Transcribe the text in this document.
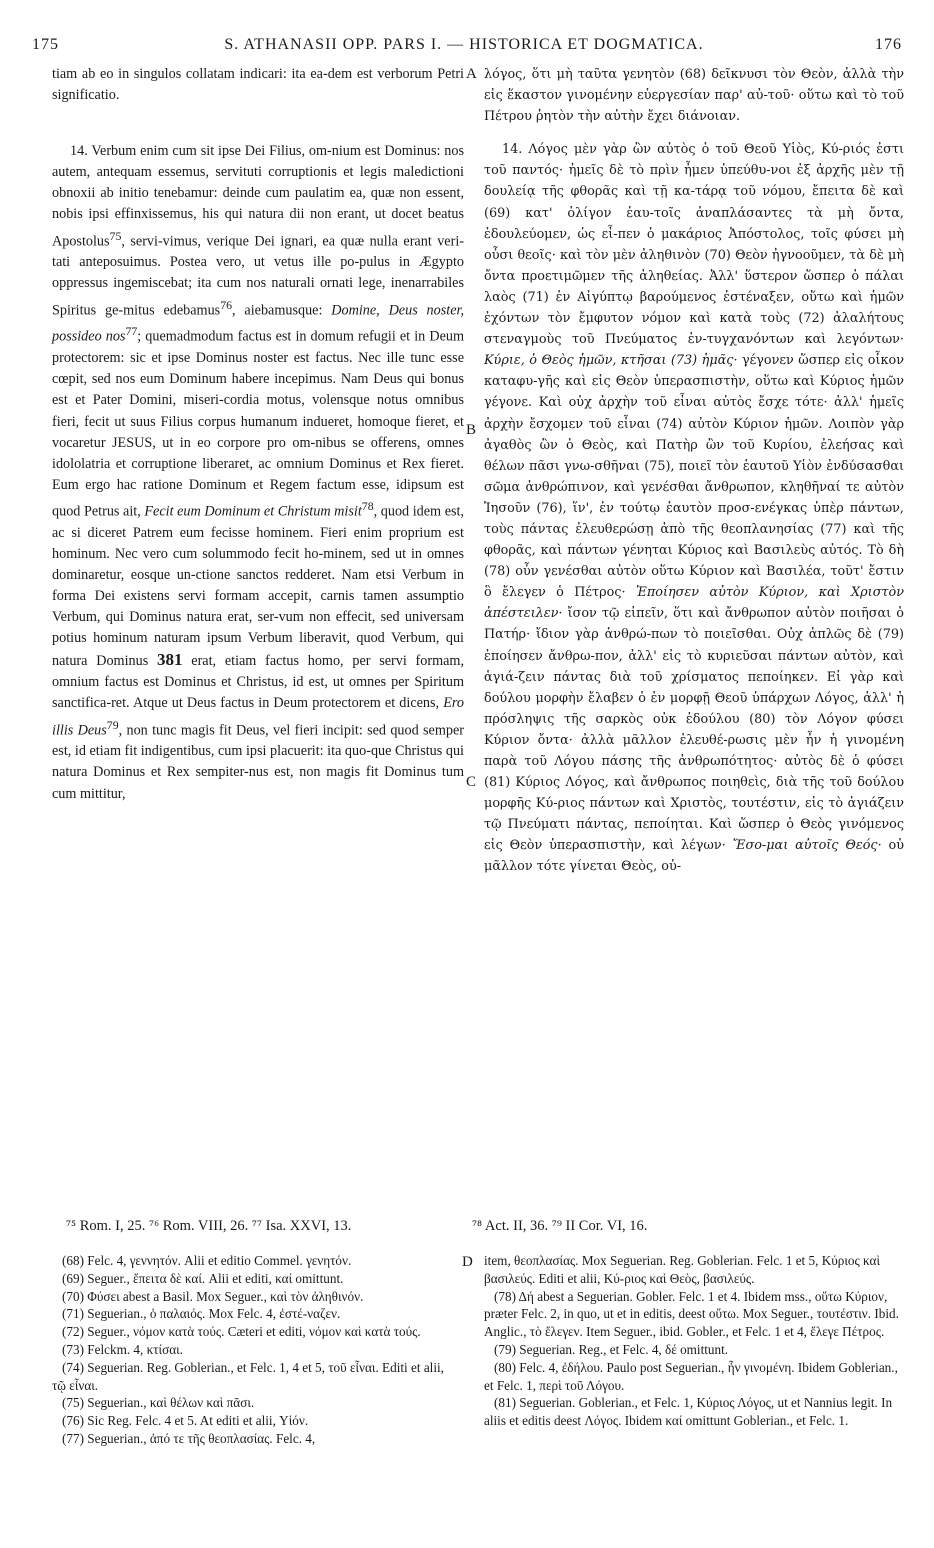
175	S. ATHANASII OPP. PARS I. — HISTORICA ET DOGMATICA.	176

tiam ab eo in singulos collatam indicari: ita ea-dem est verborum Petri significatio.

14. Verbum enim cum sit ipse Dei Filius, om-nium est Dominus: nos autem, antequam essemus, servituti corruptionis et legis maledictioni obnoxii ab initio tenebamur: deinde cum paulatim ea, quæ non essent, nobis ipsi effinxissemus, his qui natura dii non erant, ut docet beatus Apostolus$^{75}$, servi-vimus, verique Dei ignari, ea quæ nulla erant veri-tati anteposuimus. Postea vero, ut vetus ille po-pulus in Ægypto oppressus ingemiscebat; ita cum nos naturali ornati lege, inenarrabiles Spiritus ge-mitus edebamus$^{76}$, aiebamusque: Domine, Deus noster, possideo nos$^{77}$; quemadmodum factus est in domum refugii et in Deum protectorem: sic et ipse Dominus noster est factus. Nec ille tunc esse cœpit, sed nos eum Dominum habere incepimus. Nam Deus qui bonus est et Pater Domini, miseri-cordia motus, volensque notus omnibus fieri, fecit ut suus Filius corpus humanum indueret, homoque fieret, et vocaretur JESUS, ut in eo corpore pro om-nibus se offerens, omnes idololatria et corruptione liberaret, ac omnium Dominus et Rex fieret. Eum ergo hac ratione Dominum et Regem factum esse, idipsum est quod Petrus ait, Fecit eum Dominum et Christum misit$^{78}$, quod idem est, ac si diceret Patrem eum fecisse hominem. Fieri enim proprium est hominum. Nec vero cum solummodo fecit ho-minem, sed ut in omnes dominaretur, eosque un-ctione sanctos redderet. Nam etsi Verbum in forma Dei existens servi formam accepit, carnis tamen assumptio Verbum, qui Dominus natura erat, ser-vum non effecit, sed universam potius hominum naturam ipsum Verbum liberavit, quod Verbum, qui natura Dominus 381 erat, etiam factus homo, per servi formam, omnium factus est Dominus et Christus, id est, ut omnes per Spiritum sanctifica-ret. Atque ut Deus factus in Deum protectorem et dicens, Ero illis Deus$^{79}$, non tunc magis fit Deus, vel fieri incipit: sed quod semper est, id etiam fit indigentibus, cum ipsi placuerit: ita quo-que Christus qui natura Dominus et Rex sempiter-nus est, non magis fit Dominus tum cum mittitur,

A
B
C
D

λόγος, ὅτι μὴ ταῦτα γενητὸν (68) δεῖκνυσι τὸν Θεὸν, ἀλλὰ τὴν εἰς ἕκαστον γινομένην εὐεργεσίαν παρ' αὐ-τοῦ· οὕτω καὶ τὸ τοῦ Πέτρου ῥητὸν τὴν αὐτὴν ἔχει διάνοιαν.

14. Λόγος μὲν γὰρ ὢν αὐτὸς ὁ τοῦ Θεοῦ Υἱὸς, Κύ-ριός ἐστι τοῦ παντός· ἡμεῖς δὲ τὸ πρὶν ἦμεν ὑπεύθυ-νοι ἐξ ἀρχῆς μὲν τῇ δουλείᾳ τῆς φθορᾶς καὶ τῇ κα-τάρᾳ τοῦ νόμου, ἔπειτα δὲ καὶ (69) κατ' ὀλίγον ἑαυ-τοῖς ἀναπλάσαντες τὰ μὴ ὄντα, ἐδουλεύομεν, ὡς εἶ-πεν ὁ μακάριος Ἀπόστολος, τοῖς φύσει μὴ οὖσι θεοῖς· καὶ τὸν μὲν ἀληθινὸν (70) Θεὸν ἠγνοοῦμεν, τὰ δὲ μὴ ὄντα προετιμῶμεν τῆς ἀληθείας. Ἀλλ' ὕστερον ὥσπερ ὁ πάλαι λαὸς (71) ἐν Αἰγύπτῳ βαρούμενος ἐστέναξεν, οὕτω καὶ ἡμῶν ἐχόντων τὸν ἔμφυτον νόμον καὶ κατὰ τοὺς (72) ἀλαλήτους στεναγμοὺς τοῦ Πνεύματος ἐν-τυγχανόντων καὶ λεγόντων· Κύριε, ὁ Θεὸς ἡμῶν, κτῆσαι (73) ἡμᾶς· γέγονεν ὥσπερ εἰς οἶκον καταφυ-γῆς καὶ εἰς Θεὸν ὑπερασπιστὴν, οὕτω καὶ Κύριος ἡμῶν γέγονε. Καὶ οὐχ ἀρχὴν τοῦ εἶναι αὐτὸς ἔσχε τότε· ἀλλ' ἡμεῖς ἀρχὴν ἔσχομεν τοῦ εἶναι (74) αὐτὸν Κύριον ἡμῶν. Λοιπὸν γὰρ ἀγαθὸς ὢν ὁ Θεὸς, καὶ Πατὴρ ὢν τοῦ Κυρίου, ἐλεήσας καὶ θέλων πᾶσι γνω-σθῆναι (75), ποιεῖ τὸν ἑαυτοῦ Υἱὸν ἐνδύσασθαι σῶμα ἀνθρώπινον, καὶ γενέσθαι ἄνθρωπον, κληθῆναί τε αὐτὸν Ἰησοῦν (76), ἵν', ἐν τούτῳ ἑαυτὸν προσ-ενέγκας ὑπὲρ πάντων, τοὺς πάντας ἐλευθερώσῃ ἀπὸ τῆς θεοπλανησίας (77) καὶ τῆς φθορᾶς, καὶ πάντων γένηται Κύριος καὶ Βασιλεὺς αὐτός. Τὸ δὴ (78) οὖν γενέσθαι αὐτὸν οὕτω Κύριον καὶ Βασιλέα, τοῦτ' ἔστιν ὃ ἔλεγεν ὁ Πέτρος· Ἐποίησεν αὐτὸν Κύριον, καὶ Χριστὸν ἀπέστειλεν· ἴσον τῷ εἰπεῖν, ὅτι καὶ ἄνθρωπον αὐτὸν ποιῆσαι ὁ Πατήρ· ἴδιον γὰρ ἀνθρώ-πων τὸ ποιεῖσθαι. Οὐχ ἁπλῶς δὲ (79) ἐποίησεν ἄνθρω-πον, ἀλλ' εἰς τὸ κυριεῦσαι πάντων αὐτὸν, καὶ ἁγιά-ζειν πάντας διὰ τοῦ χρίσματος πεποίηκεν. Εἰ γὰρ καὶ δούλου μορφὴν ἔλαβεν ὁ ἐν μορφῇ Θεοῦ ὑπάρχων Λόγος, ἀλλ' ἡ πρόσληψις τῆς σαρκὸς οὐκ ἐδούλου (80) τὸν Λόγον φύσει Κύριον ὄντα· ἀλλὰ μᾶλλον ἐλευθέ-ρωσις μὲν ἦν ἡ γινομένη παρὰ τοῦ Λόγου πάσης τῆς ἀνθρωπότητος· αὐτὸς δὲ ὁ φύσει (81) Κύριος Λόγος, καὶ ἄνθρωπος ποιηθεὶς, διὰ τῆς τοῦ δούλου μορφῆς Κύ-ριος πάντων καὶ Χριστὸς, τουτέστιν, εἰς τὸ ἁγιάζειν τῷ Πνεύματι πάντας, πεποίηται. Καὶ ὥσπερ ὁ Θεὸς γινόμενος εἰς Θεὸν ὑπερασπιστὴν, καὶ λέγων· Ἔσο-μαι αὐτοῖς Θεός· οὐ μᾶλλον τότε γίνεται Θεὸς, οὐ-

⁷⁵ Rom. I, 25. ⁷⁶ Rom. VIII, 26. ⁷⁷ Isa. XXVI, 13.	⁷⁸ Act. II, 36. ⁷⁹ II Cor. VI, 16.

(68) Felc. 4, γεννητόν. Alii et editio Commel. γενητόν.

(69) Seguer., ἔπειτα δὲ καί. Alii et editi, καί omittunt.

(70) Φύσει abest a Basil. Mox Seguer., καὶ τὸν ἀληθινόν.

(71) Seguerian., ὁ παλαιός. Mox Felc. 4, ἐστέ-ναζεν.

(72) Seguer., νόμον κατὰ τούς. Cæteri et editi, νόμον καὶ κατὰ τούς.

(73) Felckm. 4, κτίσαι.

(74) Seguerian. Reg. Goblerian., et Felc. 1, 4 et 5, τοῦ εἶναι. Editi et alii, τῷ εἶναι.

(75) Seguerian., καὶ θέλων καὶ πᾶσι.

(76) Sic Reg. Felc. 4 et 5. At editi et alii, Υἱόν.

(77) Seguerian., ἀπό τε τῆς θεοπλασίας. Felc. 4,

item, θεοπλασίας. Mox Seguerian. Reg. Goblerian. Felc. 1 et 5, Κύριος καὶ βασιλεύς. Editi et alii, Κύ-ριος καὶ Θεὸς, βασιλεύς.

(78) Δή abest a Seguerian. Gobler. Felc. 1 et 4. Ibidem mss., οὕτω Κύριον, præter Felc. 2, in quo, ut et in editis, deest οὕτω. Mox Seguer., τουτέστιν. Ibid. Anglic., τὸ ἔλεγεν. Item Seguer., ibid. Gobler., et Felc. 1 et 4, ἔλεγε Πέτρος.

(79) Seguerian. Reg., et Felc. 4, δέ omittunt.

(80) Felc. 4, ἐδήλου. Paulo post Seguerian., ἦν γινομένη. Ibidem Goblerian., et Felc. 1, περὶ τοῦ Λόγου.

(81) Seguerian. Goblerian., et Felc. 1, Κύριος Λόγος, ut et Nannius legit. In aliis et editis deest Λόγος. Ibidem καί omittunt Goblerian., et Felc. 1.
